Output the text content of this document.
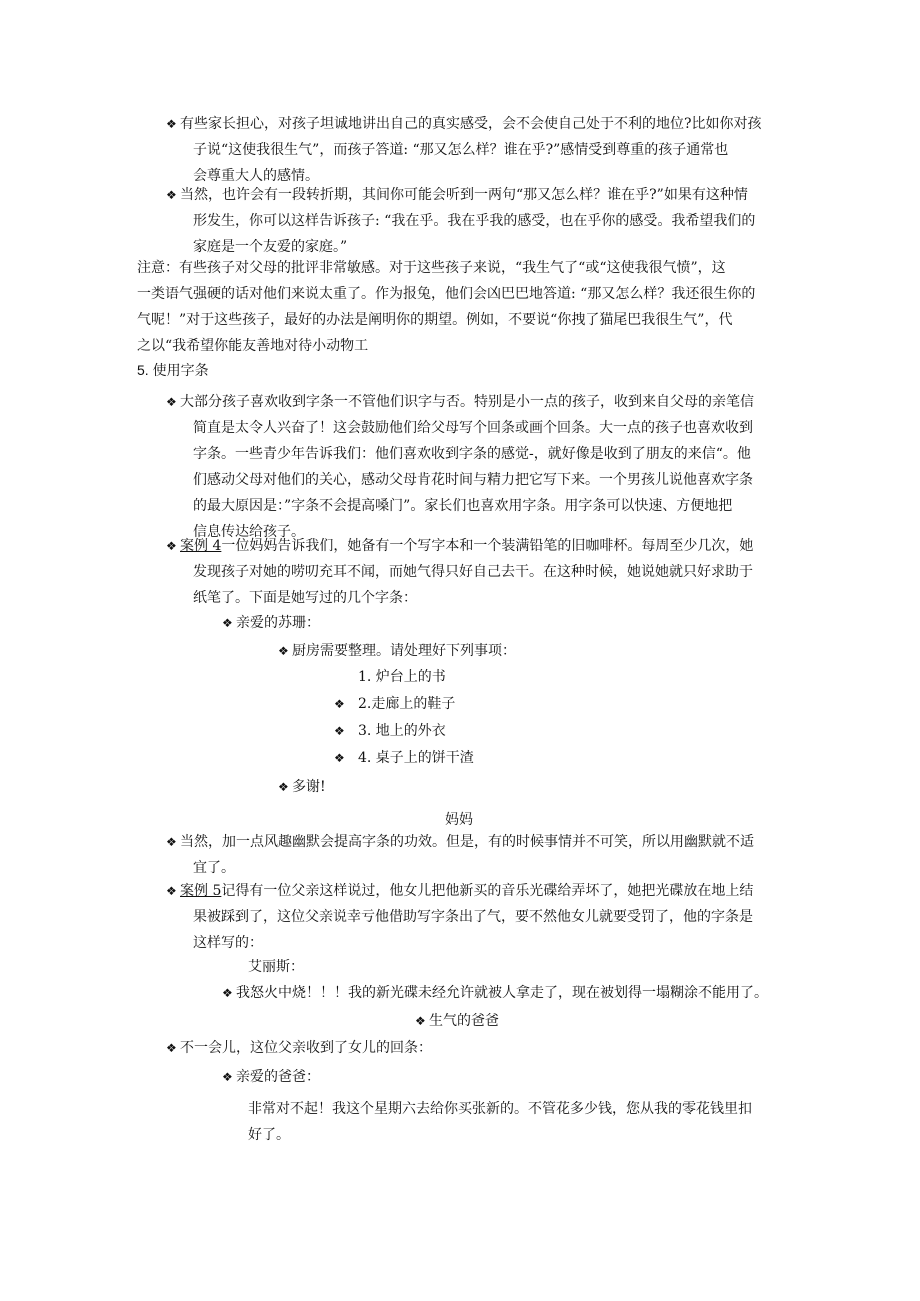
❖ 有些家长担心，对孩子坦诚地讲出自己的真实感受，会不会使自己处于不利的地位?比如你对孩
子说“这使我很生气”，而孩子答道: “那又怎么样？谁在乎?”感情受到尊重的孩子通常也
会尊重大人的感情。
❖ 当然，也许会有一段转折期，其间你可能会听到一两句“那又怎么样？谁在乎?”如果有这种情
形发生，你可以这样告诉孩子: “我在乎。我在乎我的感受，也在乎你的感受。我希望我们的
家庭是一个友爱的家庭。”
注意：有些孩子对父母的批评非常敏感。对于这些孩子来说，“我生气了“或“这使我很气愤”，这
一类语气强硬的话对他们来说太重了。作为报兔，他们会凶巴巴地答道: “那又怎么样？我还很生你的
气呢！”对于这些孩子，最好的办法是阐明你的期望。例如，不要说“你拽了猫尾巴我很生气”，代
之以“我希望你能友善地对待小动物工
5. 使用字条
❖ 大部分孩子喜欢收到字条一不管他们识字与否。特别是小一点的孩子，收到来自父母的亲笔信
简直是太令人兴奋了！这会鼓励他们给父母写个回条或画个回条。大一点的孩子也喜欢收到
字条。一些青少年告诉我们：他们喜欢收到字条的感觉-，就好像是收到了朋友的来信“。他
们感动父母对他们的关心，感动父母肯花时间与精力把它写下来。一个男孩儿说他喜欢字条
的最大原因是：”字条不会提高嗓门”。家长们也喜欢用字条。用字条可以快速、方便地把
信息传达给孩子。
❖ 案例 4一位妈妈告诉我们，她备有一个写字本和一个装满铅笔的旧咖啡杯。每周至少几次，她
发现孩子对她的唠叨充耳不闻，而她气得只好自己去干。在这种时候，她说她就只好求助于
纸笔了。下面是她写过的几个字条：
❖ 亲爱的苏珊：
❖ 厨房需要整理。请处理好下列事项：
1. 炉台上的书
❖ 2.走廊上的鞋子
❖ 3. 地上的外衣
❖ 4. 桌子上的饼干渣
❖ 多谢!
妈妈
❖ 当然，加一点风趣幽默会提高字条的功效。但是，有的时候事情并不可笑，所以用幽默就不适
宜了。
❖ 案例 5记得有一位父亲这样说过，他女儿把他新买的音乐光碟给弄坏了，她把光碟放在地上结
果被踩到了，这位父亲说幸亏他借助写字条出了气，要不然他女儿就要受罚了，他的字条是
这样写的：
艾丽斯：
❖ 我怒火中烧！！！我的新光碟未经允许就被人拿走了，现在被划得一塌糊涂不能用了。
❖ 生气的爸爸
❖ 不一会儿，这位父亲收到了女儿的回条：
❖ 亲爱的爸爸：
非常对不起！我这个星期六去给你买张新的。不管花多少钱，您从我的零花钱里扣
好了。
